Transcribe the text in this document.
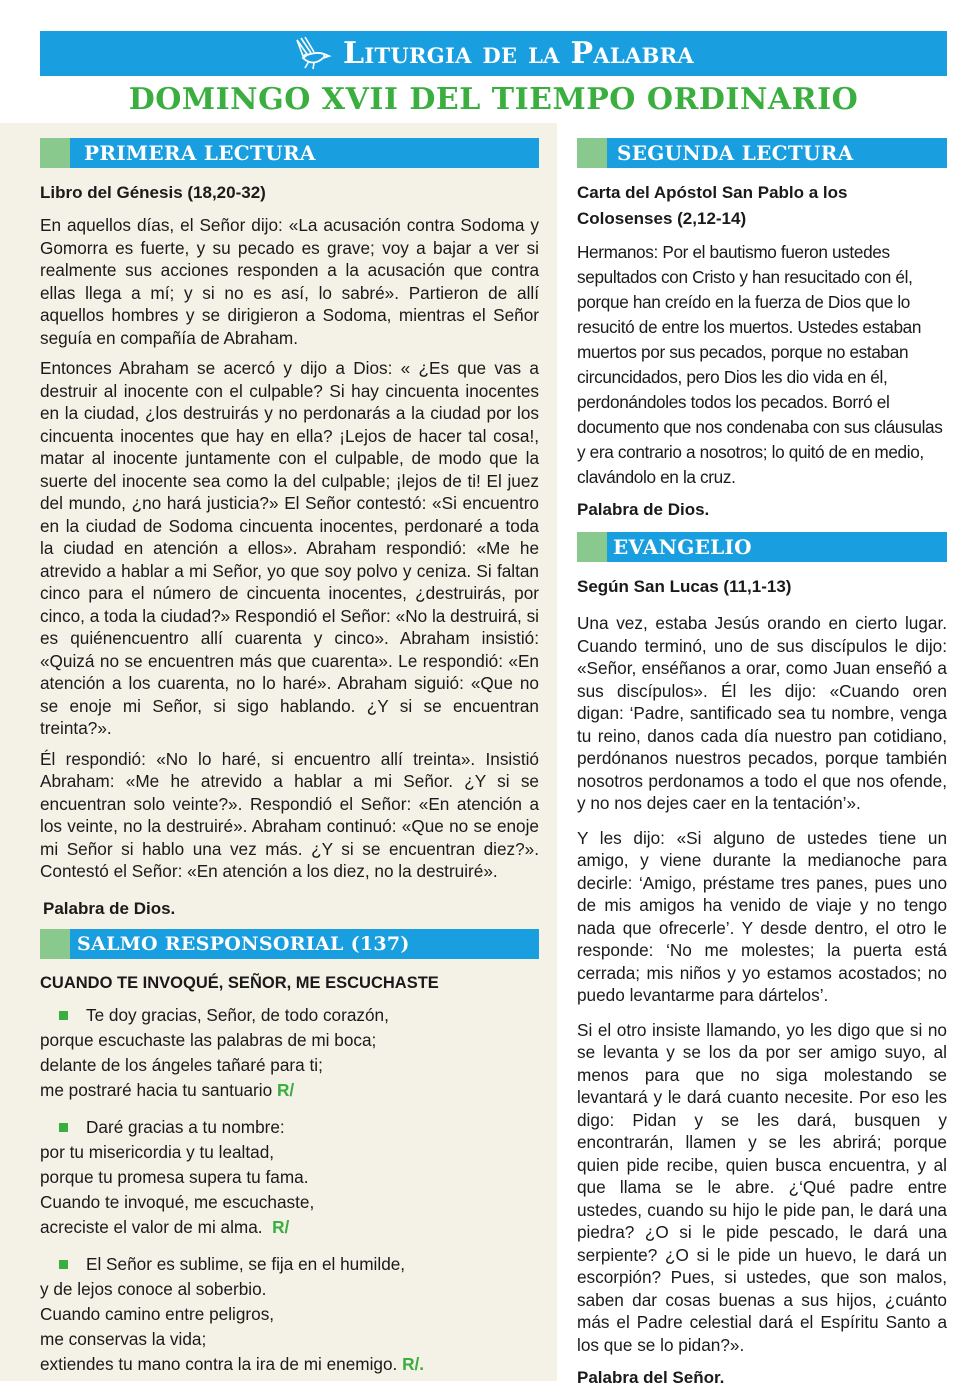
Liturgia de la Palabra
DOMINGO XVII DEL TIEMPO ORDINARIO
PRIMERA LECTURA

Libro del Génesis (18,20-32)

En aquellos días, el Señor dijo: «La acusación contra Sodoma y Gomorra es fuerte, y su pecado es grave; voy a bajar a ver si realmente sus acciones responden a la acusación que contra ellas llega a mí; y si no es así, lo sabré». Partieron de allí aquellos hombres y se dirigieron a Sodoma, mientras el Señor seguía en compañía de Abraham.

Entonces Abraham se acercó y dijo a Dios: « ¿Es que vas a destruir al inocente con el culpable? Si hay cincuenta inocentes en la ciudad, ¿los destruirás y no perdonarás a la ciudad por los cincuenta inocentes que hay en ella? ¡Lejos de hacer tal cosa!, matar al inocente juntamente con el culpable, de modo que la suerte del inocente sea como la del culpable; ¡lejos de ti! El juez del mundo, ¿no hará justicia?» El Señor contestó: «Si encuentro en la ciudad de Sodoma cincuenta inocentes, perdonaré a toda la ciudad en atención a ellos». Abraham respondió: «Me he atrevido a hablar a mi Señor, yo que soy polvo y ceniza. Si faltan cinco para el número de cincuenta inocentes, ¿destruirás, por cinco, a toda la ciudad?» Respondió el Señor: «No la destruirá, si es quiénencuentro allí cuarenta y cinco». Abraham insistió: «Quizá no se encuentren más que cuarenta». Le respondió: «En atención a los cuarenta, no lo haré». Abraham siguió: «Que no se enoje mi Señor, si sigo hablando. ¿Y si se encuentran treinta?».

Él respondió: «No lo haré, si encuentro allí treinta». Insistió Abraham: «Me he atrevido a hablar a mi Señor. ¿Y si se encuentran solo veinte?». Respondió el Señor: «En atención a los veinte, no la destruiré». Abraham continuó: «Que no se enoje mi Señor si hablo una vez más. ¿Y si se encuentran diez?». Contestó el Señor: «En atención a los diez, no la destruiré».

Palabra de Dios.

SALMO RESPONSORIAL (137)

CUANDO TE INVOQUÉ, SEÑOR, ME ESCUCHASTE

Te doy gracias, Señor, de todo corazón,
porque escuchaste las palabras de mi boca;
delante de los ángeles tañaré para ti;
me postraré hacia tu santuario R/
Daré gracias a tu nombre:
por tu misericordia y tu lealtad,
porque tu promesa supera tu fama.
Cuando te invoqué, me escuchaste,
acreciste el valor de mi alma. R/
El Señor es sublime, se fija en el humilde,
y de lejos conoce al soberbio.
Cuando camino entre peligros,
me conservas la vida;
extiendes tu mano contra la ira de mi enemigo. R/.
SEGUNDA LECTURA

Carta del Apóstol San Pablo a los Colosenses (2,12-14)

Hermanos: Por el bautismo fueron ustedes sepultados con Cristo y han resucitado con él, porque han creído en la fuerza de Dios que lo resucitó de entre los muertos. Ustedes estaban muertos por sus pecados, porque no estaban circuncidados, pero Dios les dio vida en él, perdonándoles todos los pecados. Borró el documento que nos condenaba con sus cláusulas y era contrario a nosotros; lo quitó de en medio, clavándolo en la cruz.

Palabra de Dios.

EVANGELIO

Según San Lucas (11,1-13)

Una vez, estaba Jesús orando en cierto lugar. Cuando terminó, uno de sus discípulos le dijo: «Señor, enséñanos a orar, como Juan enseñó a sus discípulos». Él les dijo: «Cuando oren digan: ‘Padre, santificado sea tu nombre, venga tu reino, danos cada día nuestro pan cotidiano, perdónanos nuestros pecados, porque también nosotros perdonamos a todo el que nos ofende, y no nos dejes caer en la tentación’».

Y les dijo: «Si alguno de ustedes tiene un amigo, y viene durante la medianoche para decirle: ‘Amigo, préstame tres panes, pues uno de mis amigos ha venido de viaje y no tengo nada que ofrecerle’. Y desde dentro, el otro le responde: ‘No me molestes; la puerta está cerrada; mis niños y yo estamos acostados; no puedo levantarme para dártelos’.

Si el otro insiste llamando, yo les digo que si no se levanta y se los da por ser amigo suyo, al menos para que no siga molestando se levantará y le dará cuanto necesite. Por eso les digo: Pidan y se les dará, busquen y encontrarán, llamen y se les abrirá; porque quien pide recibe, quien busca encuentra, y al que llama se le abre. ¿‘Qué padre entre ustedes, cuando su hijo le pide pan, le dará una piedra? ¿O si le pide pescado, le dará una serpiente? ¿O si le pide un huevo, le dará un escorpión? Pues, si ustedes, que son malos, saben dar cosas buenas a sus hijos, ¿cuánto más el Padre celestial dará el Espíritu Santo a los que se lo pidan?».

Palabra del Señor.
